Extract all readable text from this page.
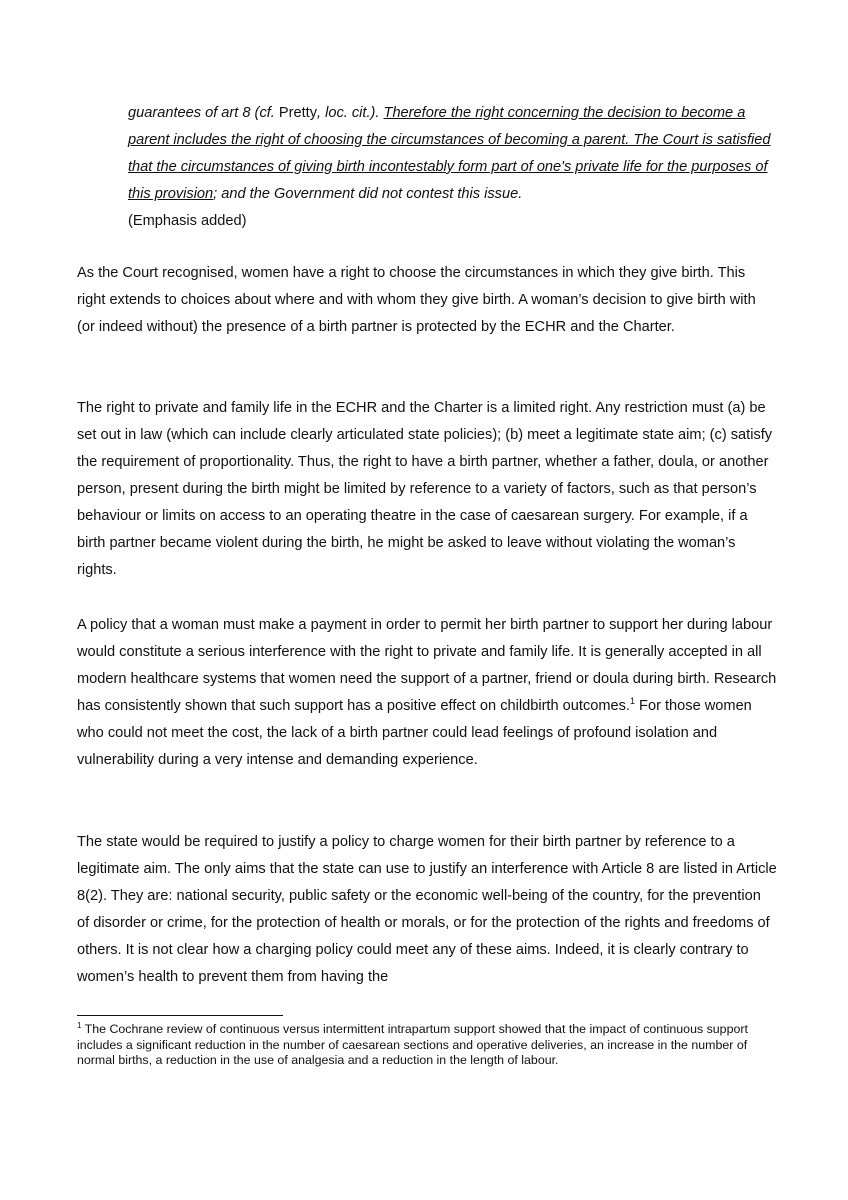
guarantees of art 8 (cf. Pretty, loc. cit.). Therefore the right concerning the decision to become a parent includes the right of choosing the circumstances of becoming a parent. The Court is satisfied that the circumstances of giving birth incontestably form part of one's private life for the purposes of this provision; and the Government did not contest this issue.
(Emphasis added)

As the Court recognised, women have a right to choose the circumstances in which they give birth. This right extends to choices about where and with whom they give birth. A woman’s decision to give birth with (or indeed without) the presence of a birth partner is protected by the ECHR and the Charter.

The right to private and family life in the ECHR and the Charter is a limited right. Any restriction must (a) be set out in law (which can include clearly articulated state policies); (b) meet a legitimate state aim; (c) satisfy the requirement of proportionality. Thus, the right to have a birth partner, whether a father, doula, or another person, present during the birth might be limited by reference to a variety of factors, such as that person’s behaviour or limits on access to an operating theatre in the case of caesarean surgery. For example, if a birth partner became violent during the birth, he might be asked to leave without violating the woman’s rights.

A policy that a woman must make a payment in order to permit her birth partner to support her during labour would constitute a serious interference with the right to private and family life. It is generally accepted in all modern healthcare systems that women need the support of a partner, friend or doula during birth. Research has consistently shown that such support has a positive effect on childbirth outcomes.$^1$ For those women who could not meet the cost, the lack of a birth partner could lead feelings of profound isolation and vulnerability during a very intense and demanding experience.

The state would be required to justify a policy to charge women for their birth partner by reference to a legitimate aim. The only aims that the state can use to justify an interference with Article 8 are listed in Article 8(2). They are: national security, public safety or the economic well-being of the country, for the prevention of disorder or crime, for the protection of health or morals, or for the protection of the rights and freedoms of others. It is not clear how a charging policy could meet any of these aims. Indeed, it is clearly contrary to women’s health to prevent them from having the

$^1$ The Cochrane review of continuous versus intermittent intrapartum support showed that the impact of continuous support includes a significant reduction in the number of caesarean sections and operative deliveries, an increase in the number of normal births, a reduction in the use of analgesia and a reduction in the length of labour.
